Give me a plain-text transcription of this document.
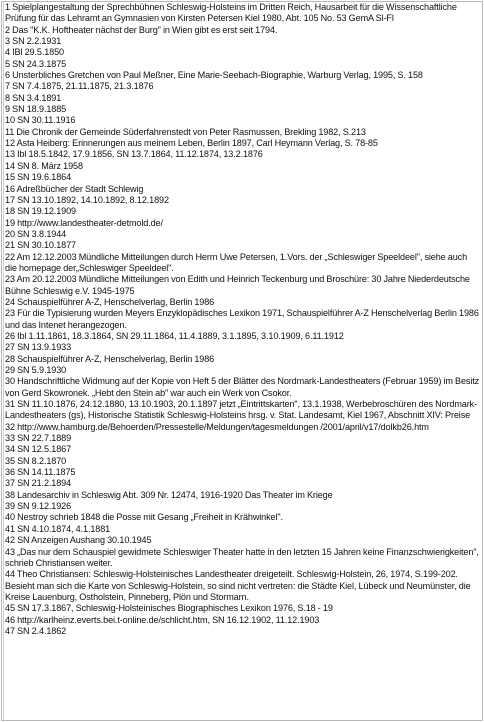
1 Spielplangestaltung der Sprechbühnen Schleswig-Holsteins im Dritten Reich, Hausarbeit für die Wissenschaftliche Prüfung für das Lehramt an Gymnasien von Kirsten Petersen Kiel 1980, Abt. 105 No. 53 GemA Sl-Fl
2 Das "K.K. Hoftheater nächst der Burg" in Wien gibt es erst seit 1794.
3 SN 2.2.1931
4 IBl 29.5.1850
5 SN 24.3.1875
6 Unsterbliches Gretchen von Paul Meßner, Eine Marie-Seebach-Biographie, Warburg Verlag, 1995, S. 158
7 SN 7.4.1875, 21.11.1875, 21.3.1876
8 SN 3.4.1891
9 SN 18.9.1885
10 SN 30.11.1916
11 Die Chronik der Gemeinde Süderfahrenstedt von Peter Rasmussen, Brekling 1982, S.213
12 Asta Heiberg: Erinnerungen aus meinem Leben, Berlin 1897, Carl Heymann Verlag, S. 78-85
13 Ibl 18.5.1842, 17.9.1856, SN 13.7.1864, 11.12.1874, 13.2.1876
14 SN 8. März 1958
15 SN 19.6.1864
16 Adreßbücher der Stadt Schlewig
17 SN 13.10.1892, 14.10.1892, 8.12.1892
18 SN 19.12.1909
19 http://www.landestheater-detmold.de/
20 SN 3.8.1944
21 SN 30.10.1877
22 Am 12.12.2003 Mündliche Mitteilungen durch Herrn Uwe Petersen, 1.Vors. der „Schleswiger Speeldeel", siehe auch die homepage der„Schleswiger Speeldeel".
23 Am 20.12.2003 Mündliche Mitteilungen von Edith und Heinrich Teckenburg und Broschüre: 30 Jahre Niederdeutsche Bühne Schleswig e.V. 1945-1975
24 Schauspielführer A-Z, Henschelverlag, Berlin 1986
23 Für die Typisierung wurden Meyers Enzyklopädisches Lexikon 1971, Schauspielführer A-Z Henschelverlag Berlin 1986 und das Intenet herangezogen.
26 Ibl 1.11.1861, 18.3.1864, SN 29.11.1864, 11.4.1889, 3.1.1895, 3.10.1909, 6.11.1912
27 SN 13.9.1933
28 Schauspielführer A-Z, Henschelverlag, Berlin 1986
29 SN 5.9.1930
30 Handschriftliche Widmung auf der Kopie von Heft 5 der Blätter des Nordmark-Landestheaters (Februar 1959) im Besitz von Gerd Skowronek. „Hebt den Stein ab" war auch ein Werk von Csokor.
31 SN 11.10.1876, 24.12.1880, 13.10.1903, 20.1.1897 jetzt „Eintrittskarten", 13.1.1938, Werbebroschüren des Nordmark-Landestheaters (gs), Historische Statistik Schleswig-Holsteins hrsg. v. Stat. Landesamt, Kiel 1967, Abschnitt XIV: Preise
32 http://www.hamburg.de/Behoerden/Pressestelle/Meldungen/tagesmeldungen /2001/april/v17/dolkb26.htm
33 SN 22.7.1889
34 SN 12.5.1867
35 SN 8.2.1870
36 SN 14.11.1875
37 SN 21.2.1894
38 Landesarchiv in Schleswig Abt. 309 Nr. 12474, 1916-1920 Das Theater im Kriege
39 SN 9.12.1926
40 Nestroy schrieb 1848 die Posse mit Gesang „Freiheit in Krähwinkel".
41 SN 4.10.1874, 4.1.1881
42 SN Anzeigen Aushang 30.10.1945
43 „Das nur dem Schauspiel gewidmete Schleswiger Theater hatte in den letzten 15 Jahren keine Finanzschwierigkeiten", schrieb Christiansen weiter.
44 Theo Christiansen: Schleswig-Holsteinisches Landestheater dreigeteilt. Schleswig-Holstein, 26, 1974, S.199-202. Besieht man sich die Karte von Schleswig-Holstein, so sind nicht vertreten: die Städte Kiel, Lübeck und Neumünster, die Kreise Lauenburg, Ostholstein, Pinneberg, Plön und Stormarn.
45 SN 17.3.1867, Schleswig-Holsteinisches Biographisches Lexikon 1976, S.18 - 19
46 http://karlheinz.everts.bei.t-online.de/schlicht.htm, SN 16.12.1902, 11.12.1903
47 SN 2.4.1862
